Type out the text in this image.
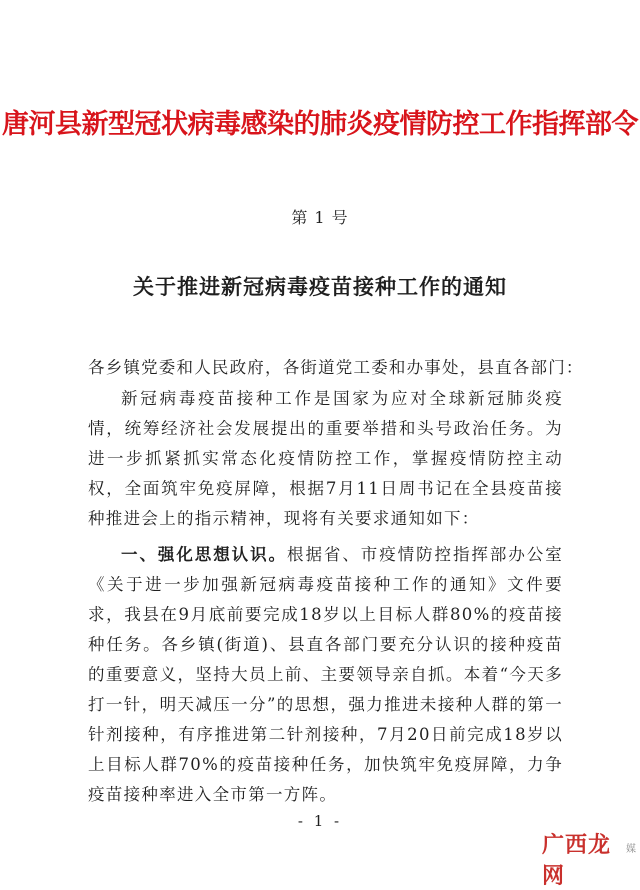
唐河县新型冠状病毒感染的肺炎疫情防控工作指挥部令
第 1 号
关于推进新冠病毒疫苗接种工作的通知
各乡镇党委和人民政府，各街道党工委和办事处，县直各部门：
新冠病毒疫苗接种工作是国家为应对全球新冠肺炎疫情，统筹经济社会发展提出的重要举措和头号政治任务。为进一步抓紧抓实常态化疫情防控工作，掌握疫情防控主动权，全面筑牢免疫屏障，根据7月11日周书记在全县疫苗接种推进会上的指示精神，现将有关要求通知如下：
一、强化思想认识。根据省、市疫情防控指挥部办公室《关于进一步加强新冠病毒疫苗接种工作的通知》文件要求，我县在9月底前要完成18岁以上目标人群80%的疫苗接种任务。各乡镇(街道)、县直各部门要充分认识的接种疫苗的重要意义，坚持大员上前、主要领导亲自抓。本着“今天多打一针，明天减压一分”的思想，强力推进未接种人群的第一针剂接种，有序推进第二针剂接种，7月20日前完成18岁以上目标人群70%的疫苗接种任务，加快筑牢免疫屏障，力争疫苗接种率进入全市第一方阵。
- 1 -
广西龙网
媒
